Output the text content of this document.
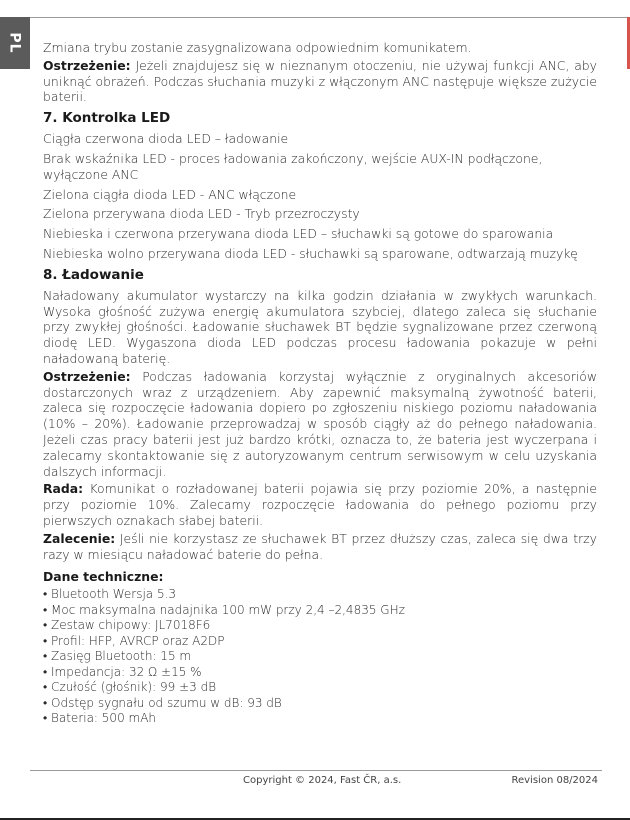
PL Zmiana trybu zostanie zasygnalizowana odpowiednim komunikatem.

Ostrzeżenie: Jeżeli znajdujesz się w nieznanym otoczeniu, nie używaj funkcji ANC, aby uniknąć obrażeń. Podczas słuchania muzyki z włączonym ANC następuje większe zużycie baterii.

7. Kontrolka LED

Ciągła czerwona dioda LED – ładowanie

Brak wskaźnika LED - proces ładowania zakończony, wejście AUX-IN podłączone, wyłączone ANC

Zielona ciągła dioda LED - ANC włączone

Zielona przerywana dioda LED - Tryb przezroczysty

Niebieska i czerwona przerywana dioda LED – słuchawki są gotowe do sparowania

Niebieska wolno przerywana dioda LED - słuchawki są sparowane, odtwarzają muzykę

8. Ładowanie

Naładowany akumulator wystarczy na kilka godzin działania w zwykłych warunkach. Wysoka głośność zużywa energię akumulatora szybciej, dlatego zaleca się słuchanie przy zwykłej głośności. Ładowanie słuchawek BT będzie sygnalizowane przez czerwoną diodę LED. Wygaszona dioda LED podczas procesu ładowania pokazuje w pełni naładowaną baterię.

Ostrzeżenie: Podczas ładowania korzystaj wyłącznie z oryginalnych akcesoriów dostarczonych wraz z urządzeniem. Aby zapewnić maksymalną żywotność baterii, zaleca się rozpoczęcie ładowania dopiero po zgłoszeniu niskiego poziomu naładowania (10% – 20%). Ładowanie przeprowadzaj w sposób ciągły aż do pełnego naładowania. Jeżeli czas pracy baterii jest już bardzo krótki, oznacza to, że bateria jest wyczerpana i zalecamy skontaktowanie się z autoryzowanym centrum serwisowym w celu uzyskania dalszych informacji.

Rada: Komunikat o rozładowanej baterii pojawia się przy poziomie 20%, a następnie przy poziomie 10%. Zalecamy rozpoczęcie ładowania do pełnego poziomu przy pierwszych oznakach słabej baterii.

Zalecenie: Jeśli nie korzystasz ze słuchawek BT przez dłuższy czas, zaleca się dwa trzy razy w miesiącu naładować baterie do pełna.

Dane techniczne:
• Bluetooth Wersja 5.3
• Moc maksymalna nadajnika 100 mW przy 2,4 –2,4835 GHz
• Zestaw chipowy: JL7018F6
• Profil: HFP, AVRCP oraz A2DP
• Zasięg Bluetooth: 15 m
• Impedancja: 32 Ω ±15 %
• Czułość (głośnik): 99 ±3 dB
• Odstęp sygnału od szumu w dB: 93 dB
• Bateria: 500 mAh
Copyright © 2024, Fast ČR, a.s.	Revision 08/2024
